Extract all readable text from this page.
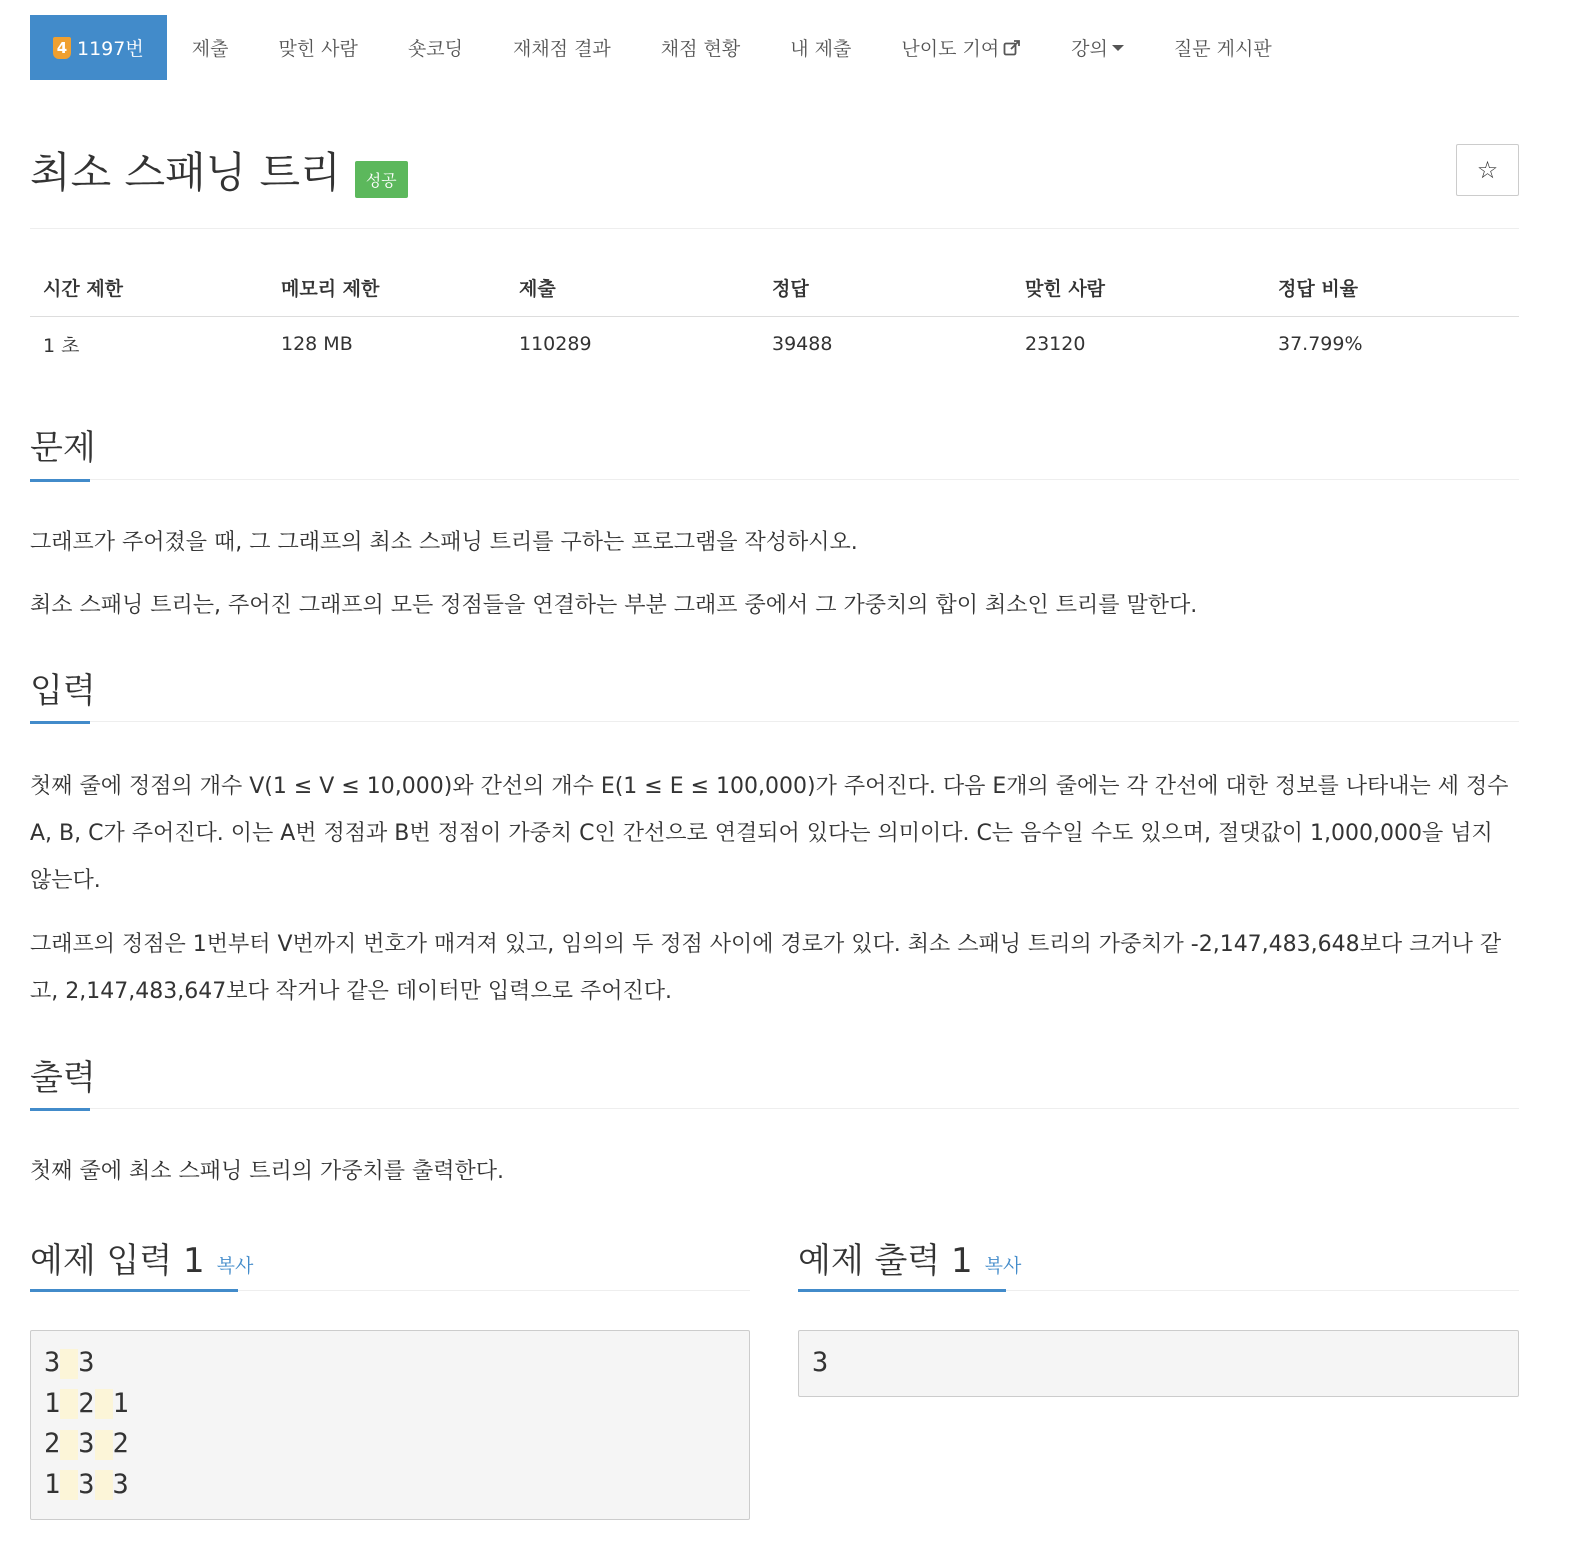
4 1197번	제출	맞힌 사람	숏코딩	재채점 결과	채점 현황	내 제출	난이도 기여	강의	질문 게시판
최소 스패닝 트리	성공	☆
시간 제한	메모리 제한	제출	정답	맞힌 사람	정답 비율
1 초	128 MB	110289	39488	23120	37.799%
문제

그래프가 주어졌을 때, 그 그래프의 최소 스패닝 트리를 구하는 프로그램을 작성하시오.

최소 스패닝 트리는, 주어진 그래프의 모든 정점들을 연결하는 부분 그래프 중에서 그 가중치의 합이 최소인 트리를 말한다.

입력

첫째 줄에 정점의 개수 V(1 ≤ V ≤ 10,000)와 간선의 개수 E(1 ≤ E ≤ 100,000)가 주어진다. 다음 E개의 줄에는 각 간선에 대한 정보를 나타내는 세 정수 A, B, C가 주어진다. 이는 A번 정점과 B번 정점이 가중치 C인 간선으로 연결되어 있다는 의미이다. C는 음수일 수도 있으며, 절댓값이 1,000,000을 넘지 않는다.

그래프의 정점은 1번부터 V번까지 번호가 매겨져 있고, 임의의 두 정점 사이에 경로가 있다. 최소 스패닝 트리의 가중치가 -2,147,483,648보다 크거나 같고, 2,147,483,647보다 작거나 같은 데이터만 입력으로 주어진다.

출력

첫째 줄에 최소 스패닝 트리의 가중치를 출력한다.

예제 입력 1 복사
3 3
1 2 1
2 3 2
1 3 3
예제 출력 1 복사
3
